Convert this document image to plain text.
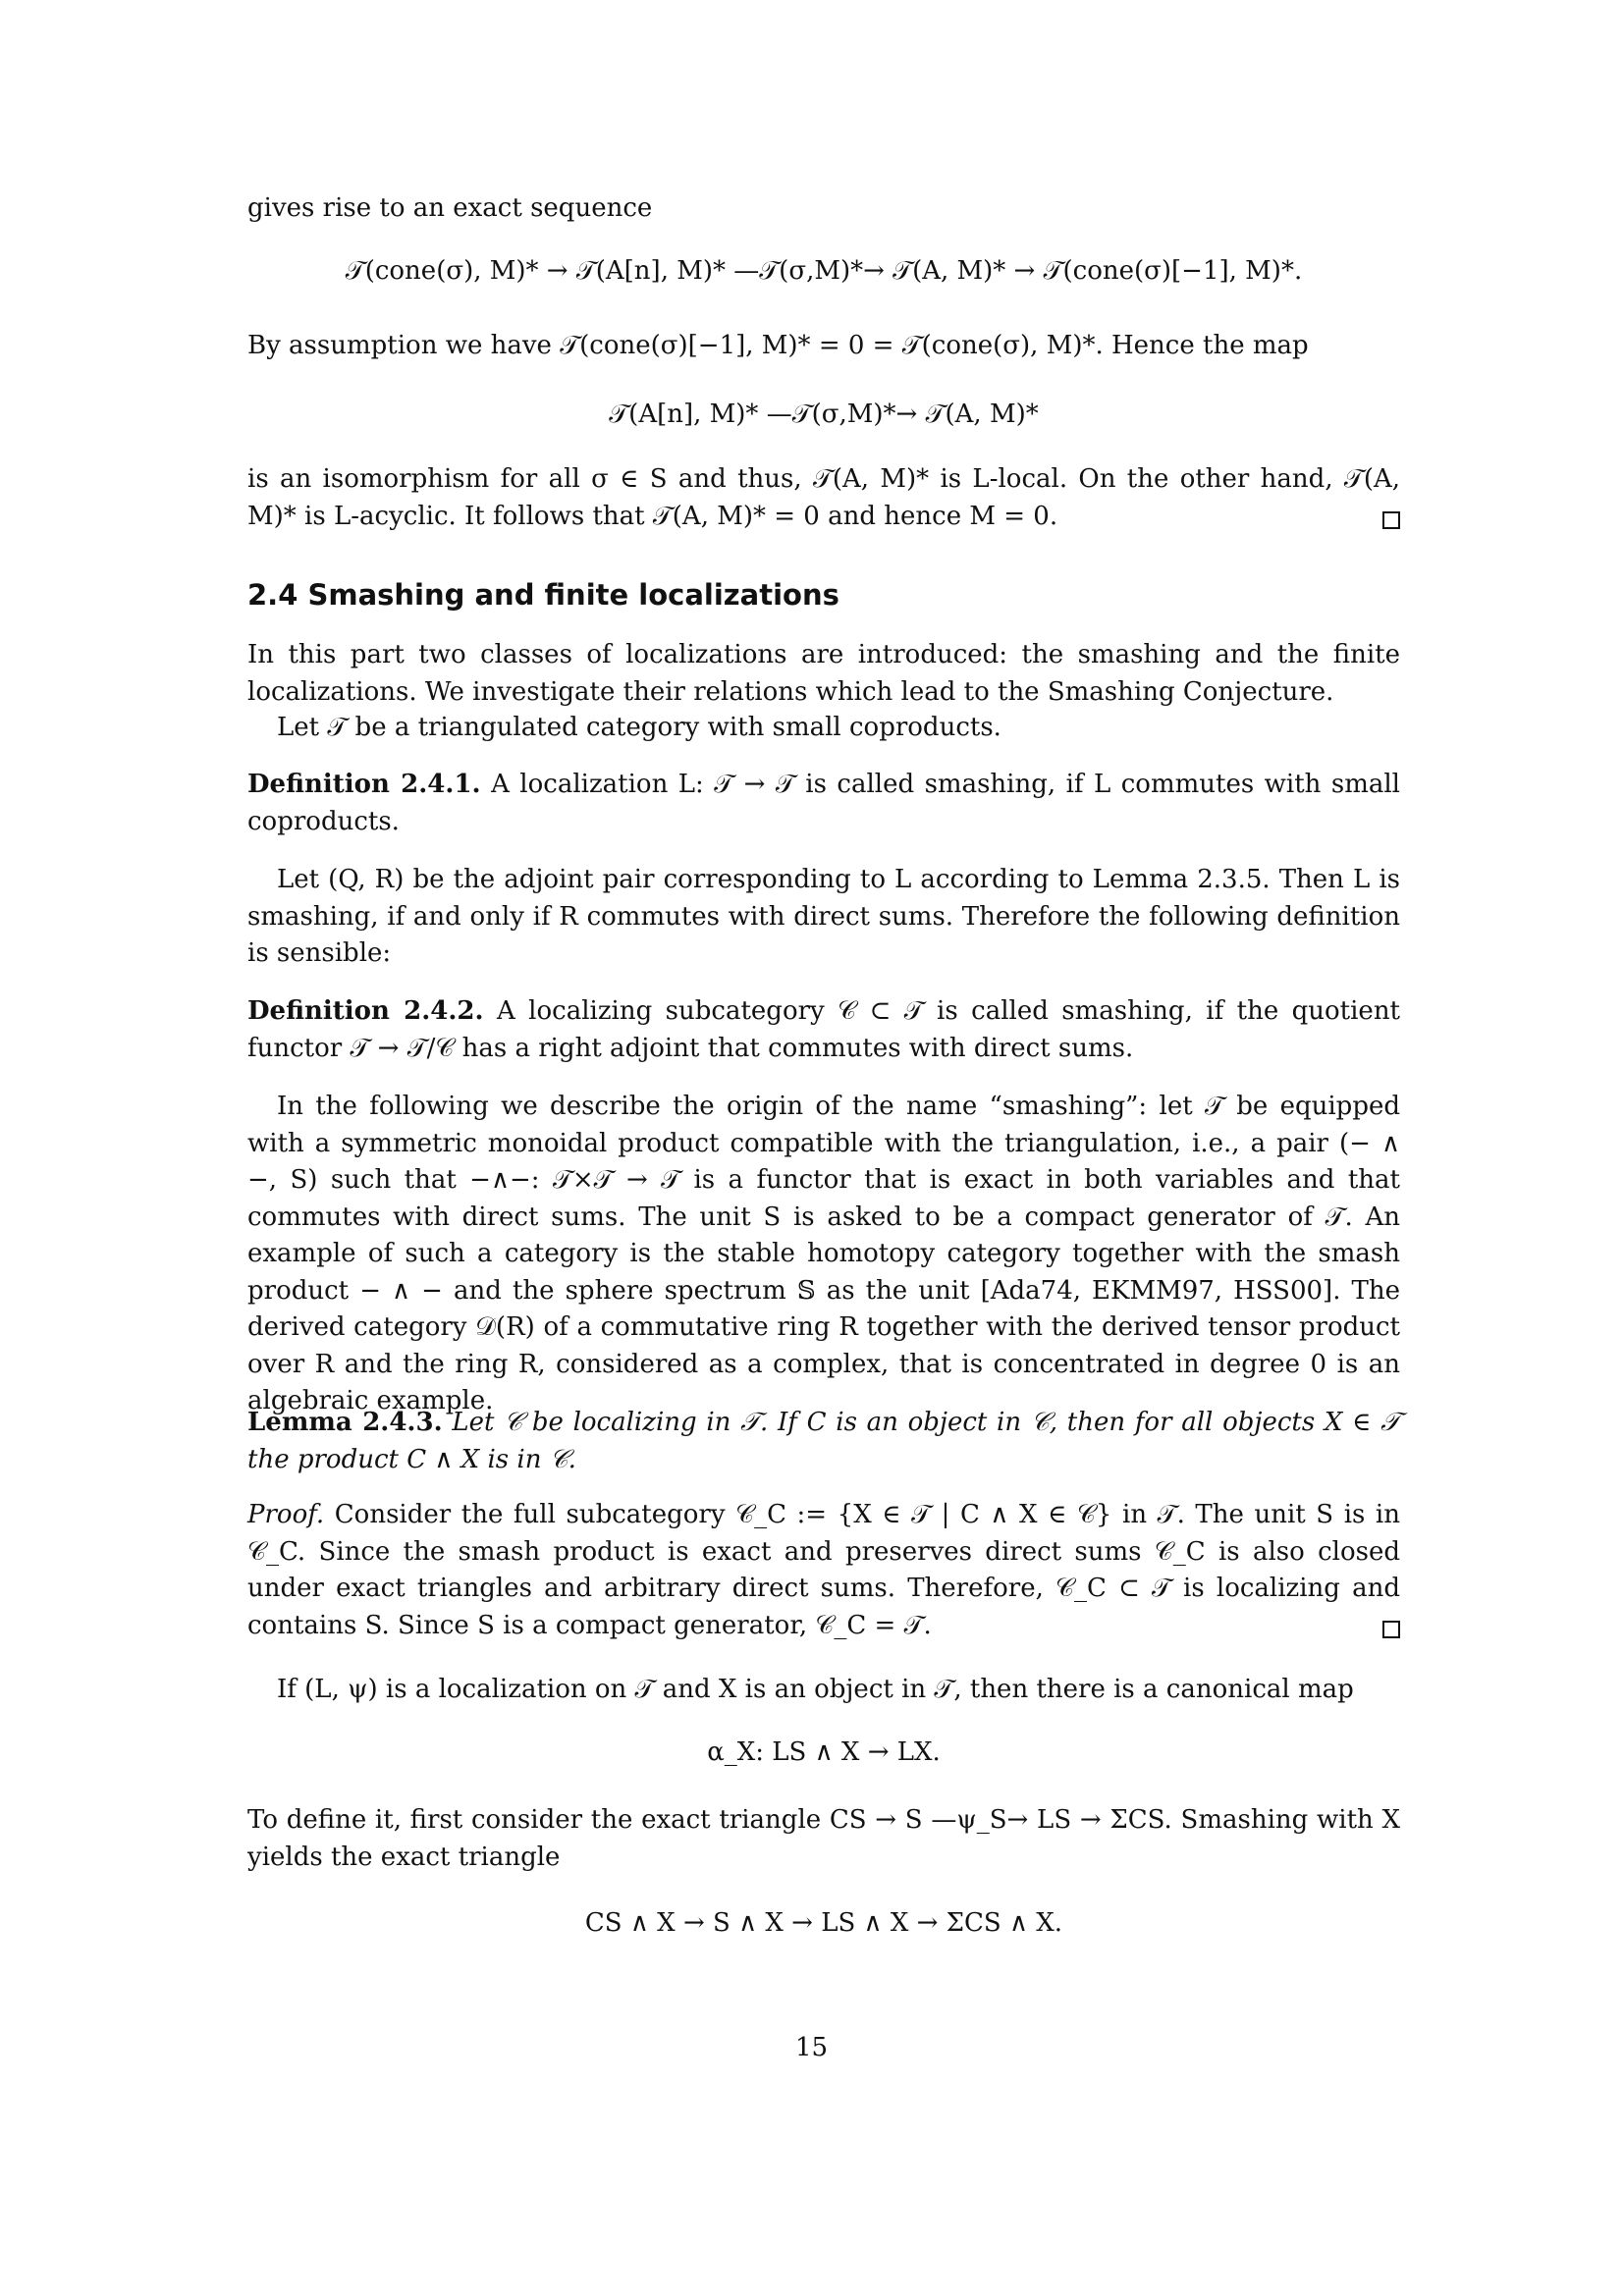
gives rise to an exact sequence

𝒯(cone(σ), M)* → 𝒯(A[n], M)* —𝒯(σ,M)*→ 𝒯(A, M)* → 𝒯(cone(σ)[−1], M)*.

By assumption we have 𝒯(cone(σ)[−1], M)* = 0 = 𝒯(cone(σ), M)*. Hence the map

𝒯(A[n], M)* —𝒯(σ,M)*→ 𝒯(A, M)*

is an isomorphism for all σ ∈ S and thus, 𝒯(A, M)* is L-local. On the other hand, 𝒯(A, M)* is L-acyclic. It follows that 𝒯(A, M)* = 0 and hence M = 0.
2.4 Smashing and finite localizations

In this part two classes of localizations are introduced: the smashing and the finite localizations. We investigate their relations which lead to the Smashing Conjecture.

Let 𝒯 be a triangulated category with small coproducts.

Definition 2.4.1. A localization L: 𝒯 → 𝒯 is called smashing, if L commutes with small coproducts.

Let (Q, R) be the adjoint pair corresponding to L according to Lemma 2.3.5. Then L is smashing, if and only if R commutes with direct sums. Therefore the following definition is sensible:

Definition 2.4.2. A localizing subcategory 𝒞 ⊂ 𝒯 is called smashing, if the quotient functor 𝒯 → 𝒯/𝒞 has a right adjoint that commutes with direct sums.

In the following we describe the origin of the name “smashing”: let 𝒯 be equipped with a symmetric monoidal product compatible with the triangulation, i.e., a pair (− ∧ −, S) such that −∧−: 𝒯×𝒯 → 𝒯 is a functor that is exact in both variables and that commutes with direct sums. The unit S is asked to be a compact generator of 𝒯. An example of such a category is the stable homotopy category together with the smash product − ∧ − and the sphere spectrum 𝕊 as the unit [Ada74, EKMM97, HSS00]. The derived category 𝒟(R) of a commutative ring R together with the derived tensor product over R and the ring R, considered as a complex, that is concentrated in degree 0 is an algebraic example.

Lemma 2.4.3. Let 𝒞 be localizing in 𝒯. If C is an object in 𝒞, then for all objects X ∈ 𝒯 the product C ∧ X is in 𝒞.

Proof. Consider the full subcategory 𝒞_C := {X ∈ 𝒯 | C ∧ X ∈ 𝒞} in 𝒯. The unit S is in 𝒞_C. Since the smash product is exact and preserves direct sums 𝒞_C is also closed under exact triangles and arbitrary direct sums. Therefore, 𝒞_C ⊂ 𝒯 is localizing and contains S. Since S is a compact generator, 𝒞_C = 𝒯.

If (L, ψ) is a localization on 𝒯 and X is an object in 𝒯, then there is a canonical map

α_X: LS ∧ X → LX.

To define it, first consider the exact triangle CS → S —ψ_S→ LS → ΣCS. Smashing with X yields the exact triangle

CS ∧ X → S ∧ X → LS ∧ X → ΣCS ∧ X.

15
